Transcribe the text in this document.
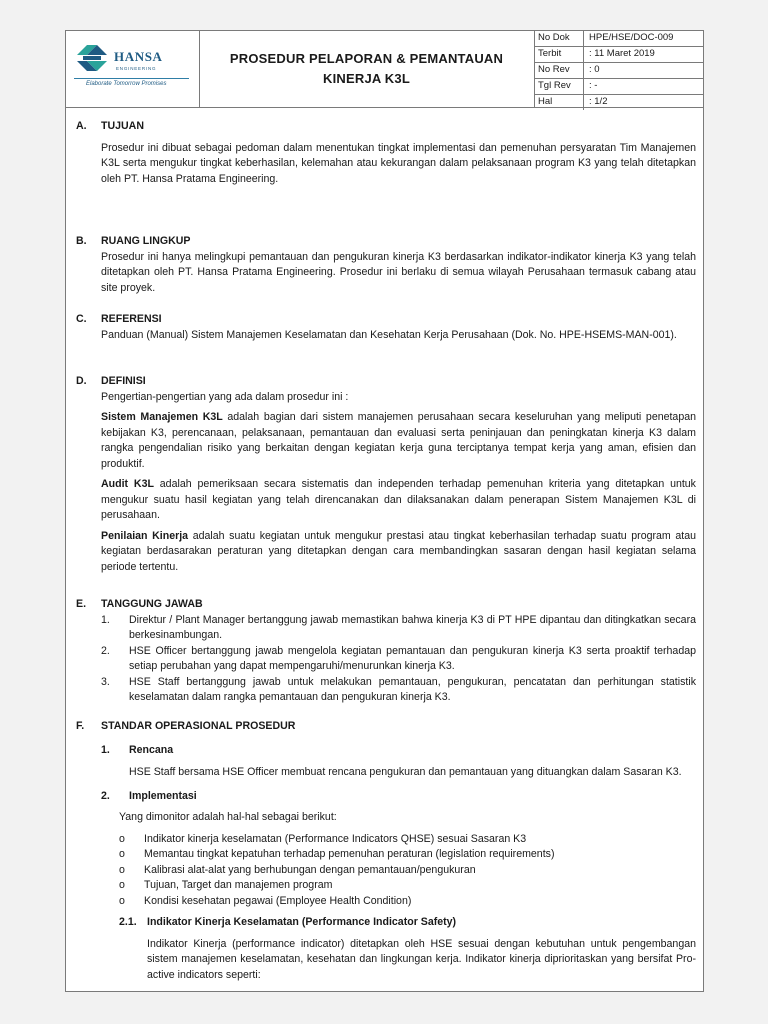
HANSA
ENGINEERING
Elaborate Tomorrow Promises
PROSEDUR PELAPORAN & PEMANTAUAN
KINERJA K3L
No Dok	HPE/HSE/DOC-009
Terbit	: 11 Maret 2019
No Rev	: 0
Tgl Rev	: -
Hal	: 1/2
A.	TUJUAN
Prosedur ini dibuat sebagai pedoman dalam menentukan tingkat implementasi dan pemenuhan persyaratan Tim Manajemen K3L serta mengukur tingkat keberhasilan, kelemahan atau kekurangan dalam pelaksanaan program K3 yang telah ditetapkan oleh PT. Hansa Pratama Engineering.
B.	RUANG LINGKUP
Prosedur ini hanya melingkupi pemantauan dan pengukuran kinerja K3 berdasarkan indikator-indikator kinerja K3 yang telah ditetapkan oleh PT. Hansa Pratama Engineering. Prosedur ini berlaku di semua wilayah Perusahaan termasuk cabang atau site proyek.
C.	REFERENSI
Panduan (Manual) Sistem Manajemen Keselamatan dan Kesehatan Kerja Perusahaan (Dok. No. HPE-HSEMS-MAN-001).
D.	DEFINISI
Pengertian-pengertian yang ada dalam prosedur ini :
Sistem Manajemen K3L adalah bagian dari sistem manajemen perusahaan secara keseluruhan yang meliputi penetapan kebijakan K3, perencanaan, pelaksanaan, pemantauan dan evaluasi serta peninjauan dan peningkatan kinerja K3 dalam rangka pengendalian risiko yang berkaitan dengan kegiatan kerja guna terciptanya tempat kerja yang aman, efisien dan produktif.
Audit K3L adalah pemeriksaan secara sistematis dan independen terhadap pemenuhan kriteria yang ditetapkan untuk mengukur suatu hasil kegiatan yang telah direncanakan dan dilaksanakan dalam penerapan Sistem Manajemen K3L di perusahaan.
Penilaian Kinerja adalah suatu kegiatan untuk mengukur prestasi atau tingkat keberhasilan terhadap suatu program atau kegiatan berdasarakan peraturan yang ditetapkan dengan cara membandingkan sasaran dengan hasil kegiatan selama periode tertentu.
E.	TANGGUNG JAWAB
1.	Direktur / Plant Manager bertanggung jawab memastikan bahwa kinerja K3 di PT HPE dipantau dan ditingkatkan secara berkesinambungan.
2.	HSE Officer bertanggung jawab mengelola kegiatan pemantauan dan pengukuran kinerja K3 serta proaktif terhadap setiap perubahan yang dapat mempengaruhi/menurunkan kinerja K3.
3.	HSE Staff bertanggung jawab untuk melakukan pemantauan, pengukuran, pencatatan dan perhitungan statistik keselamatan dalam rangka pemantauan dan pengukuran kinerja K3.
F.	STANDAR OPERASIONAL PROSEDUR
1.	Rencana
HSE Staff bersama HSE Officer membuat rencana pengukuran dan pemantauan yang dituangkan dalam Sasaran K3.
2.	Implementasi
Yang dimonitor adalah hal-hal sebagai berikut:
o	Indikator kinerja keselamatan (Performance Indicators QHSE) sesuai Sasaran K3
o	Memantau tingkat kepatuhan terhadap pemenuhan peraturan (legislation requirements)
o	Kalibrasi alat-alat yang berhubungan dengan pemantauan/pengukuran
o	Tujuan, Target dan manajemen program
o	Kondisi kesehatan pegawai (Employee Health Condition)
2.1. Indikator Kinerja Keselamatan (Performance Indicator Safety)
Indikator Kinerja (performance indicator) ditetapkan oleh HSE sesuai dengan kebutuhan untuk pengembangan sistem manajemen keselamatan, kesehatan dan lingkungan kerja. Indikator kinerja diprioritaskan yang bersifat Pro-active indicators seperti:
